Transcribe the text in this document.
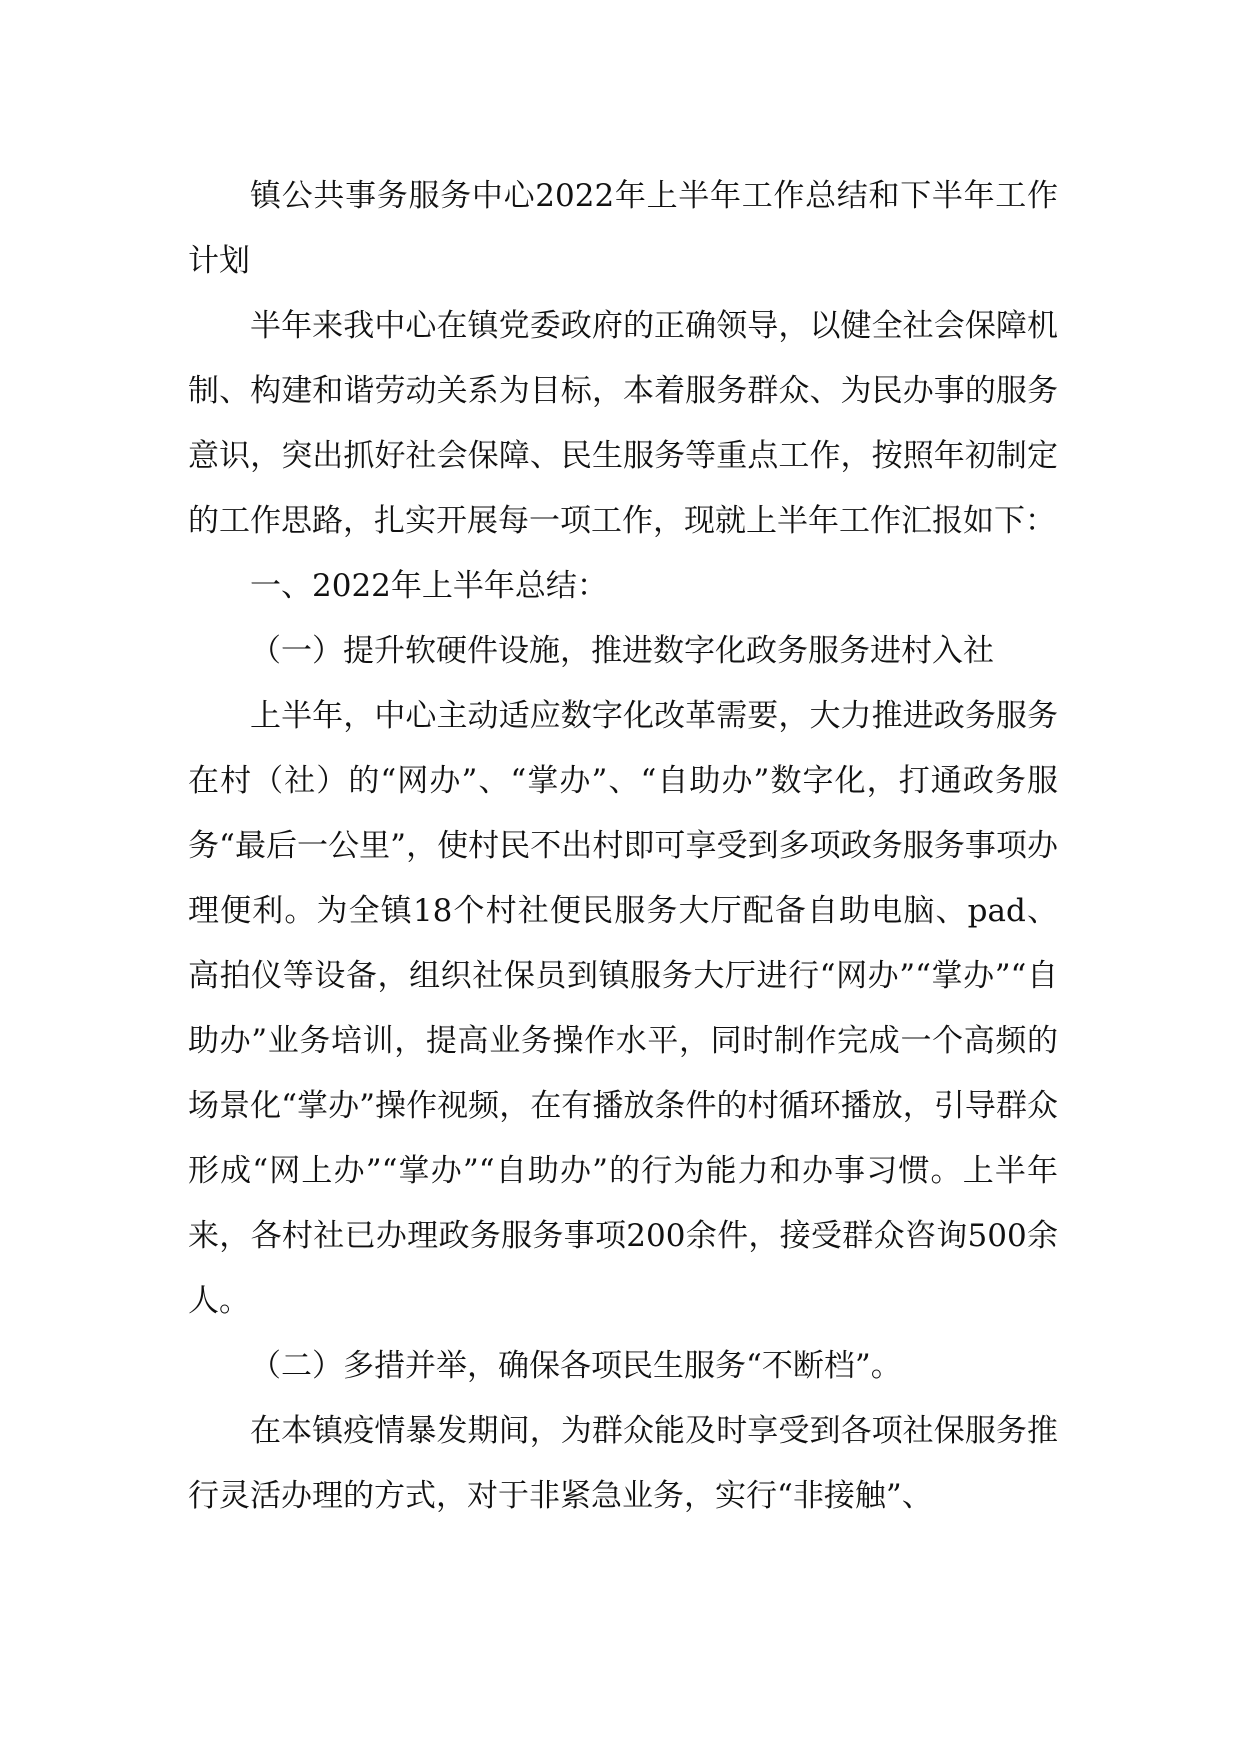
镇公共事务服务中心2022年上半年工作总结和下半年工作计划

半年来我中心在镇党委政府的正确领导，以健全社会保障机制、构建和谐劳动关系为目标，本着服务群众、为民办事的服务意识，突出抓好社会保障、民生服务等重点工作，按照年初制定的工作思路，扎实开展每一项工作，现就上半年工作汇报如下：

一、2022年上半年总结：

（一）提升软硬件设施，推进数字化政务服务进村入社

上半年，中心主动适应数字化改革需要，大力推进政务服务在村（社）的“网办”、“掌办”、“自助办”数字化，打通政务服务“最后一公里”，使村民不出村即可享受到多项政务服务事项办理便利。为全镇18个村社便民服务大厅配备自助电脑、pad、高拍仪等设备，组织社保员到镇服务大厅进行“网办”“掌办”“自助办”业务培训，提高业务操作水平，同时制作完成一个高频的场景化“掌办”操作视频，在有播放条件的村循环播放，引导群众形成“网上办”“掌办”“自助办”的行为能力和办事习惯。上半年来，各村社已办理政务服务事项200余件，接受群众咨询500余人。

（二）多措并举，确保各项民生服务“不断档”。

在本镇疫情暴发期间，为群众能及时享受到各项社保服务推行灵活办理的方式，对于非紧急业务，实行“非接触”、
